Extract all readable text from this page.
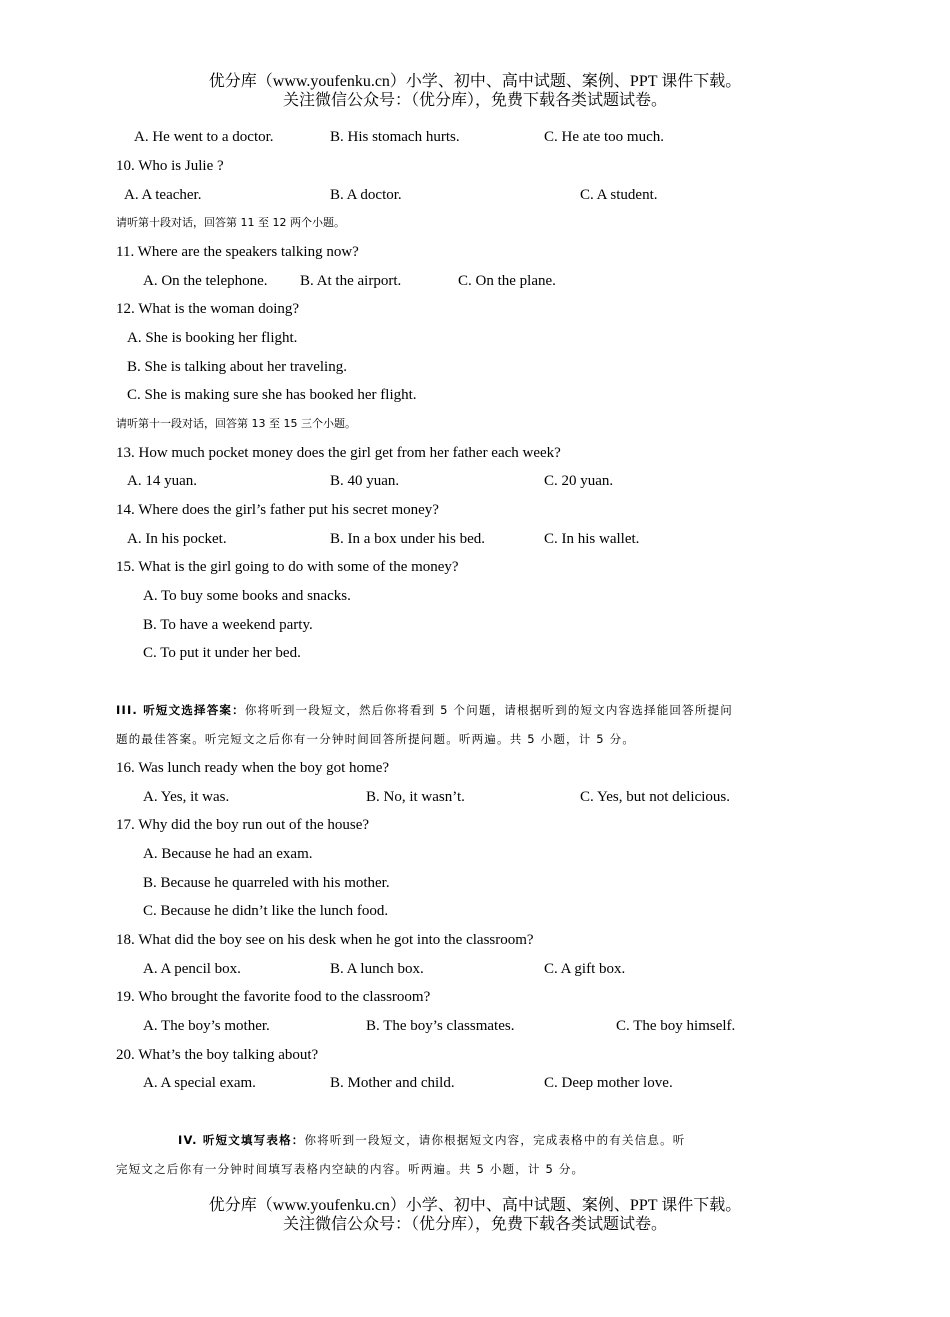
优分库（www.youfenku.cn）小学、初中、高中试题、案例、PPT 课件下载。
关注微信公众号：（优分库），免费下载各类试题试卷。
A. He went to a doctor.	B. His stomach hurts.	C. He ate too much.
10. Who is Julie ?
A. A teacher.	B. A doctor.	C. A student.
请听第十段对话，回答第 11 至 12 两个小题。
11. Where are the speakers talking now?
A. On the telephone. B. At the airport.	C. On the plane.
12. What is the woman doing?
A. She is booking her flight.
B. She is talking about her traveling.
C. She is making sure she has booked her flight.
请听第十一段对话，回答第 13 至 15 三个小题。
13. How much pocket money does the girl get from her father each week?
A. 14 yuan.	B. 40 yuan.	C. 20 yuan.
14. Where does the girl’s father put his secret money?
A. In his pocket.	B. In a box under his bed.	C. In his wallet.
15. What is the girl going to do with some of the money?
A. To buy some books and snacks.
B. To have a weekend party.
C. To put it under her bed.
III. 听短文选择答案：你将听到一段短文，然后你将看到 5 个问题，请根据听到的短文内容选择能回答所提问
题的最佳答案。听完短文之后你有一分钟时间回答所提问题。听两遍。共 5 小题，计 5 分。
16. Was lunch ready when the boy got home?
A. Yes, it was.	B. No, it wasn’t.	C. Yes, but not delicious.
17. Why did the boy run out of the house?
A. Because he had an exam.
B. Because he quarreled with his mother.
C. Because he didn’t like the lunch food.
18. What did the boy see on his desk when he got into the classroom?
A. A pencil box.	B. A lunch box.	C. A gift box.
19. Who brought the favorite food to the classroom?
A. The boy’s mother.	B. The boy’s classmates.	C. The boy himself.
20. What’s the boy talking about?
A. A special exam.	B. Mother and child.	C. Deep mother love.
IV. 听短文填写表格：你将听到一段短文，请你根据短文内容，完成表格中的有关信息。听
完短文之后你有一分钟时间填写表格内空缺的内容。听两遍。共 5 小题，计 5 分。
优分库（www.youfenku.cn）小学、初中、高中试题、案例、PPT 课件下载。
关注微信公众号：（优分库），免费下载各类试题试卷。
